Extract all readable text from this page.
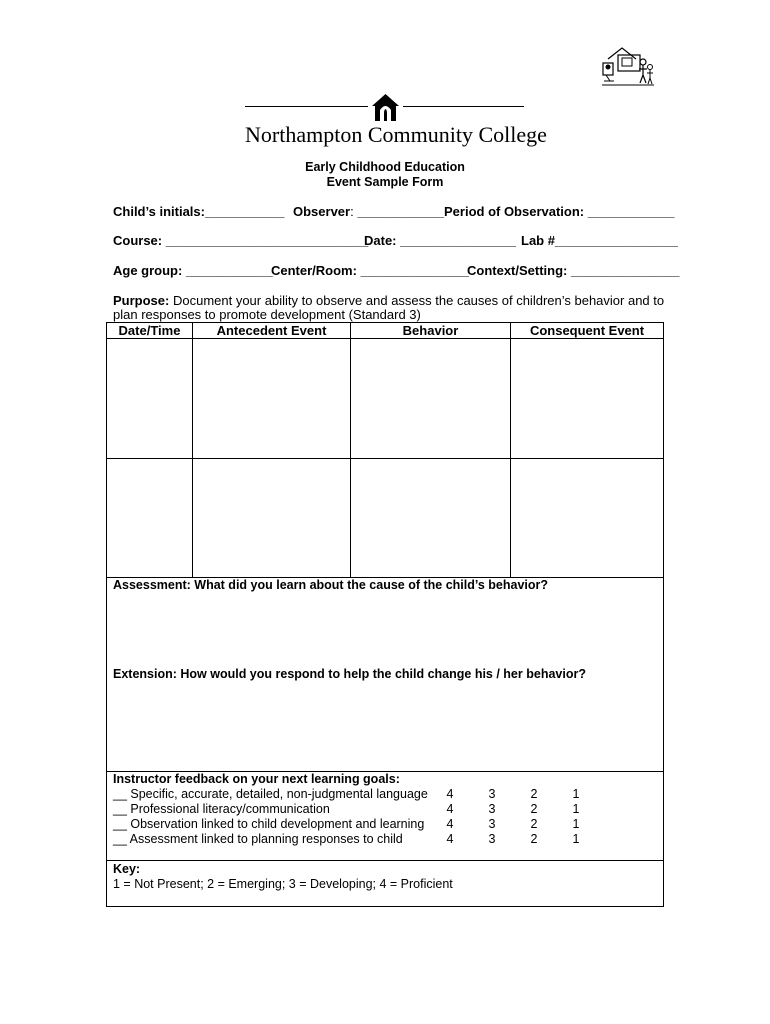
Northampton Community College
Early Childhood Education
Event Sample Form
Child’s initials:___________ Observer: ____________ Period of Observation: ____________
Course: ____________________________
Date: ________________ Lab #_________________
Age group: ____________
Center/Room: _______________
Context/Setting: _______________
Purpose: Document your ability to observe and assess the causes of children’s behavior and to
plan responses to promote development (Standard 3)
Date/Time	Antecedent Event	Behavior	Consequent Event
Assessment: What did you learn about the cause of the child’s behavior?
Extension: How would you respond to help the child change his / her behavior?
Instructor feedback on your next learning goals:
__ Specific, accurate, detailed, non-judgmental language	4	3	2	1
__ Professional literacy/communication	4	3	2	1
__ Observation linked to child development and learning	4	3	2	1
__ Assessment linked to planning responses to child	4	3	2	1
Key:
1 = Not Present; 2 = Emerging; 3 = Developing; 4 = Proficient
